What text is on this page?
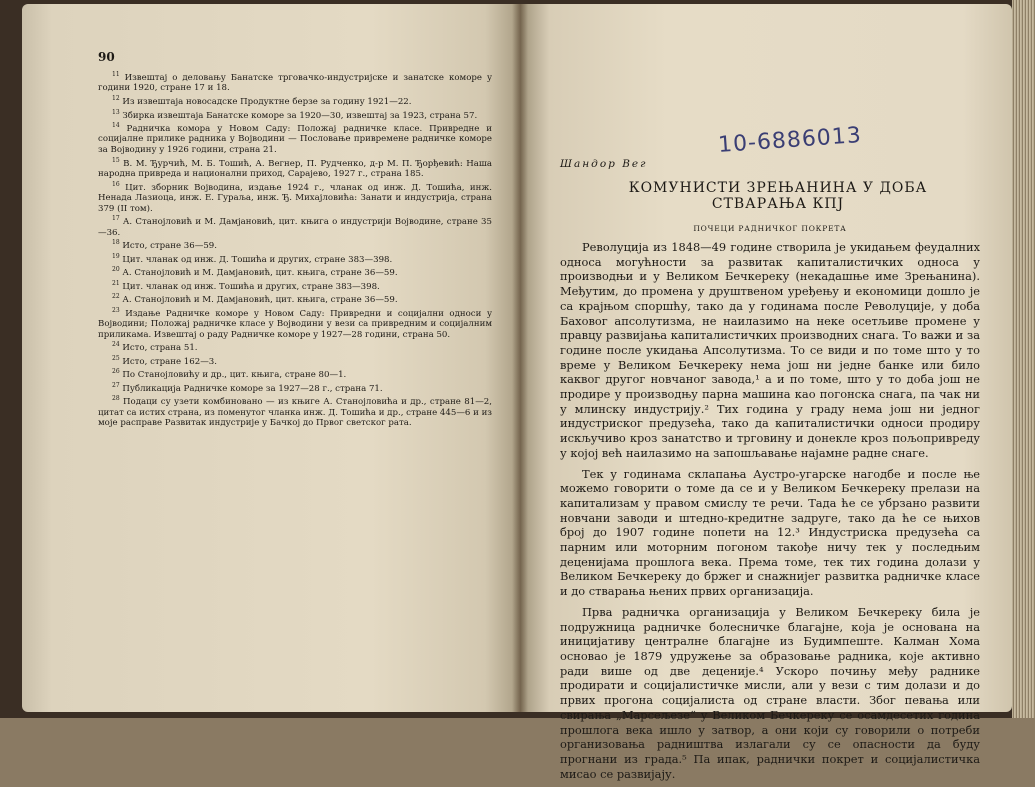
90

$^{11}$ Извештај о деловању Банатске трговачко-индустријске и занатске коморе у години 1920, стране 17 и 18.

$^{12}$ Из извештаја новосадске Продуктне берзе за годину 1921—22.

$^{13}$ Збирка извештаја Банатске коморе за 1920—30, извештај за 1923, страна 57.

$^{14}$ Радничка комора у Новом Саду: Положај радничке класе. Привредне и социјалне прилике радника у Војводини — Пословање привремене радничке коморе за Војводину у 1926 години, страна 21.

$^{15}$ В. М. Ђурчић, М. Б. Тошић, А. Вегнер, П. Рудченко, д-р М. П. Ђорђевић: Наша народна привреда и национални приход, Сарајево, 1927 г., страна 185.

$^{16}$ Цит. зборник Војводина, издање 1924 г., чланак од инж. Д. Тошића, инж. Ненада Лазиоца, инж. Е. Гураља, инж. Ђ. Михајловића: Занати и индустрија, страна 379 (II том).

$^{17}$ А. Станојловић и М. Дамјановић, цит. књига о индустрији Војводине, стране 35—36.

$^{18}$ Исто, стране 36—59.

$^{19}$ Цит. чланак од инж. Д. Тошића и других, стране 383—398.

$^{20}$ А. Станојловић и М. Дамјановић, цит. књига, стране 36—59.

$^{21}$ Цит. чланак од инж. Тошића и других, стране 383—398.

$^{22}$ А. Станојловић и М. Дамјановић, цит. књига, стране 36—59.

$^{23}$ Издање Радничке коморе у Новом Саду: Привредни и социјални односи у Војводини; Положај радничке класе у Војводини у вези са привредним и социјалним приликама. Извештај о раду Радничке коморе у 1927—28 години, страна 50.

$^{24}$ Исто, страна 51.

$^{25}$ Исто, стране 162—3.

$^{26}$ По Станојловићу и др., цит. књига, стране 80—1.

$^{27}$ Публикација Радничке коморе за 1927—28 г., страна 71.

$^{28}$ Подаци су узети комбиновано — из књиге А. Станојловића и др., стране 81—2, цитат са истих страна, из поменутог чланка инж. Д. Тошића и др., стране 445—6 и из моје расправе Развитак индустрије у Бачкој до Првог светског рата.

10-6886013
Шандор Вег
КОМУНИСТИ ЗРЕЊАНИНА У ДОБА СТВАРАЊА КПЈ
ПОЧЕЦИ РАДНИЧКОГ ПОКРЕТА

Револуција из 1848—49 године створила је укидањем феудалних односа могућности за развитак капиталистичких односа у производњи и у Великом Бечкереку (некадашње име Зрењанина). Међутим, до промена у друштвеном уређењу и економици дошло је са крајњом споршћу, тако да у годинама после Револуције, у доба Баховог апсолутизма, не наилазимо на неке осетљиве промене у правцу развијања капиталистичких производних снага. То важи и за године после укидања Апсолутизма. То се види и по томе што у то време у Великом Бечкереку нема још ни једне банке или било каквог другог новчаног завода,¹ а и по томе, што у то доба још не продире у производњу парна машина као погонска снага, па чак ни у млинску индустрију.² Тих година у граду нема још ни једног индустриског предузећа, тако да капиталистички односи продиру искључиво кроз занатство и трговину и донекле кроз пољопривреду у којој већ наилазимо на запошљавање најамне радне снаге.

Тек у годинама склапања Аустро-угарске нагодбе и после ње можемо говорити о томе да се и у Великом Бечкереку прелази на капитализам у правом смислу те речи. Тада ће се убрзано развити новчани заводи и штедно-кредитне задруге, тако да ће се њихов број до 1907 године попети на 12.³ Индустриска предузећа са парним или моторним погоном такође ничу тек у последњим деценијама прошлога века. Према томе, тек тих година долази у Великом Бечкереку до бржег и снажнијег развитка радничке класе и до стварања њених првих организација.

Прва радничка организација у Великом Бечкереку била је подружница радничке болесничке благајне, која је основана на иницијативу централне благајне из Будимпеште. Калман Хома основао је 1879 удружење за образовање радника, које активно ради више од две деценије.⁴ Ускоро почињу међу раднике продирати и социјалистичке мисли, али у вези с тим долази и до првих прогона социјалиста од стране власти. Због певања или свирања „Марсељезе“ у Великом Бечкереку се осамдесетих година прошлога века ишло у затвор, а они који су говорили о потреби организовања радништва излагали су се опасности да буду прогнани из града.⁵ Па ипак, раднички покрет и социјалистичка мисао се развијају.
